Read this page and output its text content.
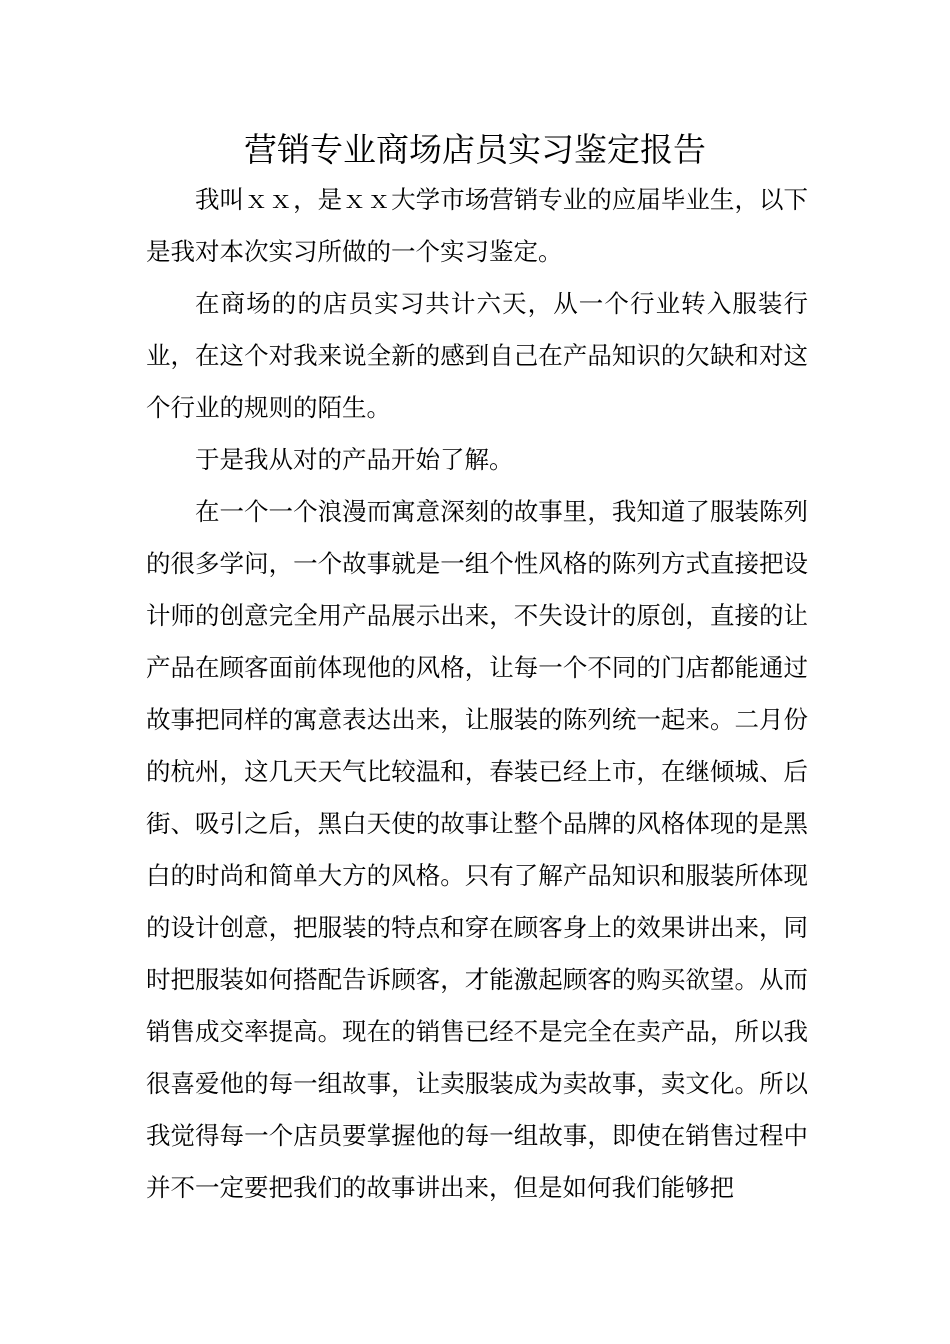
营销专业商场店员实习鉴定报告

我叫ｘｘ，是ｘｘ大学市场营销专业的应届毕业生，以下是我对本次实习所做的一个实习鉴定。

在商场的的店员实习共计六天，从一个行业转入服装行业，在这个对我来说全新的感到自己在产品知识的欠缺和对这个行业的规则的陌生。

于是我从对的产品开始了解。

在一个一个浪漫而寓意深刻的故事里，我知道了服装陈列的很多学问，一个故事就是一组个性风格的陈列方式直接把设计师的创意完全用产品展示出来，不失设计的原创，直接的让产品在顾客面前体现他的风格，让每一个不同的门店都能通过故事把同样的寓意表达出来，让服装的陈列统一起来。二月份的杭州，这几天天气比较温和，春装已经上市，在继倾城、后街、吸引之后，黑白天使的故事让整个品牌的风格体现的是黑白的时尚和简单大方的风格。只有了解产品知识和服装所体现的设计创意，把服装的特点和穿在顾客身上的效果讲出来，同时把服装如何搭配告诉顾客，才能激起顾客的购买欲望。从而销售成交率提高。现在的销售已经不是完全在卖产品，所以我很喜爱他的每一组故事，让卖服装成为卖故事，卖文化。所以我觉得每一个店员要掌握他的每一组故事，即使在销售过程中并不一定要把我们的故事讲出来，但是如何我们能够把
